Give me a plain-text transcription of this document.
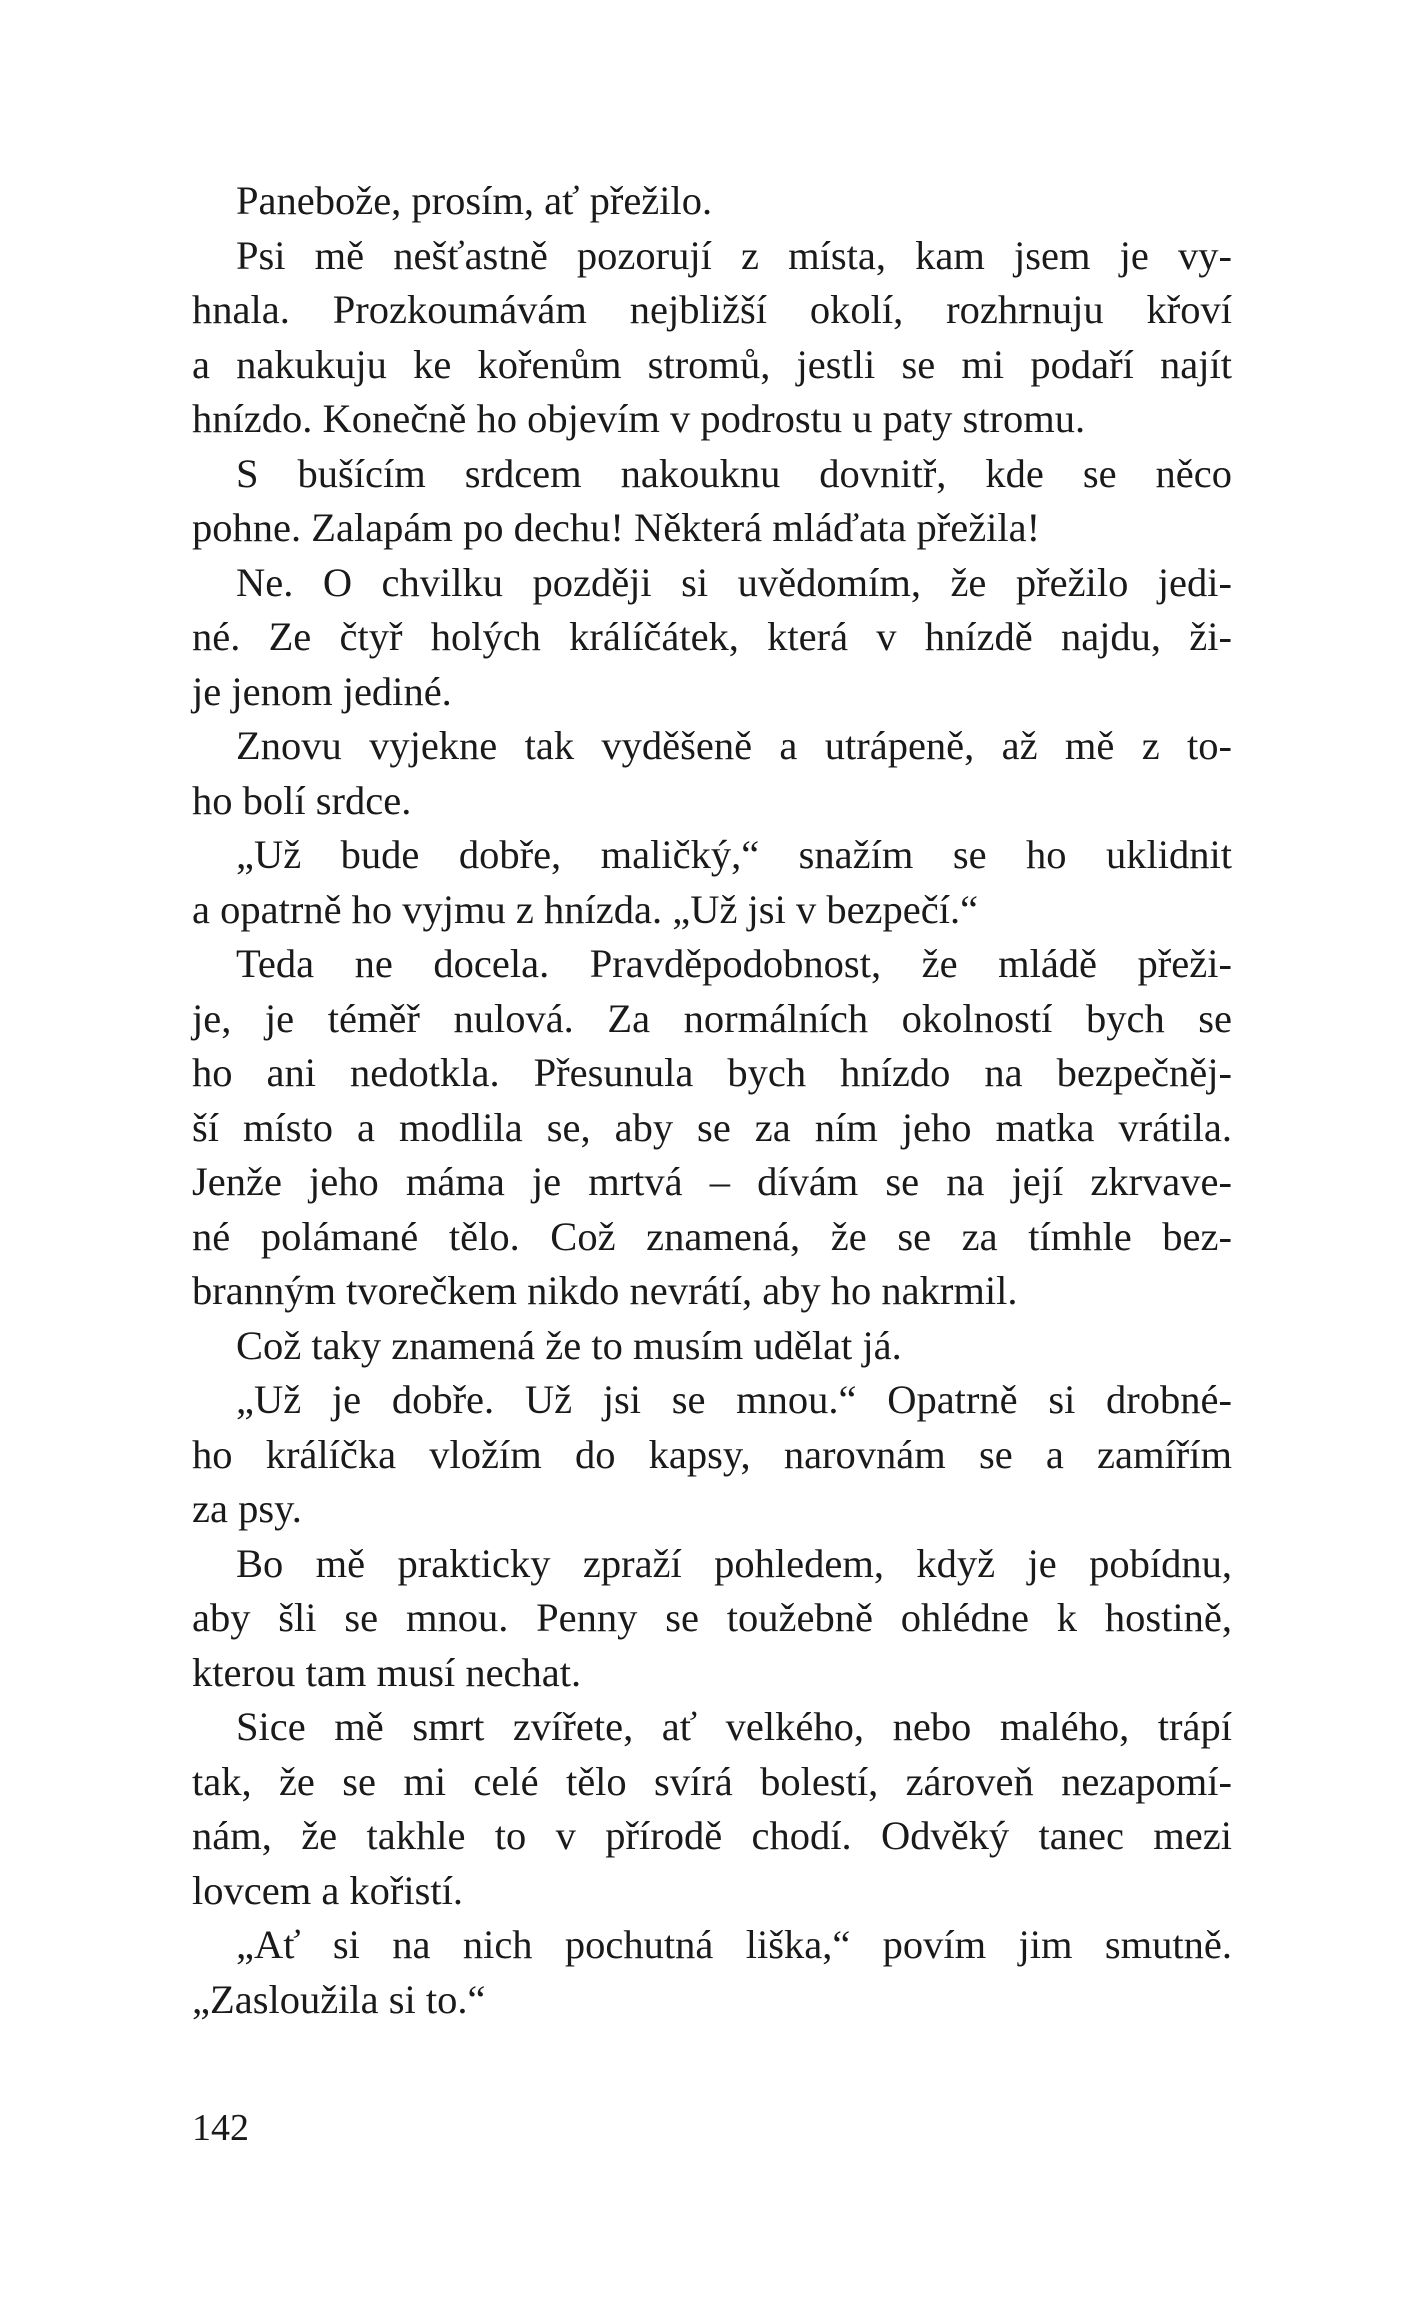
Panebože, prosím, ať přežilo.
Psi mě nešťastně pozorují z místa, kam jsem je vy-
hnala. Prozkoumávám nejbližší okolí, rozhrnuju křoví
a nakukuju ke kořenům stromů, jestli se mi podaří najít
hnízdo. Konečně ho objevím v podrostu u paty stromu.
S bušícím srdcem nakouknu dovnitř, kde se něco
pohne. Zalapám po dechu! Některá mláďata přežila!
Ne. O chvilku později si uvědomím, že přežilo jedi-
né. Ze čtyř holých králíčátek, která v hnízdě najdu, ži-
je jenom jediné.
Znovu vyjekne tak vyděšeně a utrápeně, až mě z to-
ho bolí srdce.
„Už bude dobře, maličký,“ snažím se ho uklidnit
a opatrně ho vyjmu z hnízda. „Už jsi v bezpečí.“
Teda ne docela. Pravděpodobnost, že mládě přeži-
je, je téměř nulová. Za normálních okolností bych se
ho ani nedotkla. Přesunula bych hnízdo na bezpečněj-
ší místo a modlila se, aby se za ním jeho matka vrátila.
Jenže jeho máma je mrtvá – dívám se na její zkrvave-
né polámané tělo. Což znamená, že se za tímhle bez-
branným tvorečkem nikdo nevrátí, aby ho nakrmil.
Což taky znamená že to musím udělat já.
„Už je dobře. Už jsi se mnou.“ Opatrně si drobné-
ho králíčka vložím do kapsy, narovnám se a zamířím
za psy.
Bo mě prakticky zpraží pohledem, když je pobídnu,
aby šli se mnou. Penny se toužebně ohlédne k hostině,
kterou tam musí nechat.
Sice mě smrt zvířete, ať velkého, nebo malého, trápí
tak, že se mi celé tělo svírá bolestí, zároveň nezapomí-
nám, že takhle to v přírodě chodí. Odvěký tanec mezi
lovcem a kořistí.
„Ať si na nich pochutná liška,“ povím jim smutně.
„Zasloužila si to.“
142
